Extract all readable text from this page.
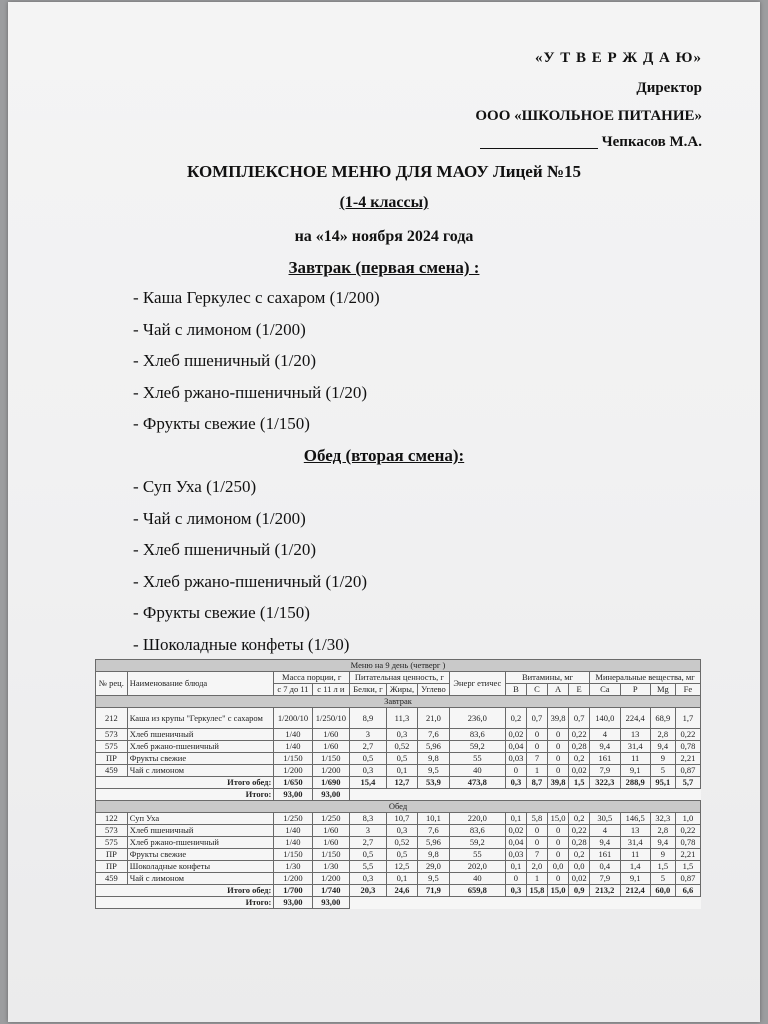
«У Т В Е Р Ж Д А Ю»
Директор
ООО «ШКОЛЬНОЕ ПИТАНИЕ»
Чепкасов М.А.
КОМПЛЕКСНОЕ МЕНЮ ДЛЯ МАОУ Лицей №15
(1-4 классы)
на «14» ноября 2024 года
Завтрак (первая смена) :
- Каша Геркулес с сахаром (1/200)
- Чай с лимоном (1/200)
- Хлеб пшеничный (1/20)
- Хлеб ржано-пшеничный (1/20)
- Фрукты свежие (1/150)
Обед (вторая смена):
- Суп Уха (1/250)
- Чай с лимоном (1/200)
- Хлеб пшеничный (1/20)
- Хлеб ржано-пшеничный (1/20)
- Фрукты свежие (1/150)
- Шоколадные конфеты (1/30)
Меню на 9 день (четверг )															
№ рец.	Наименование блюда	Масса порции, г		Питательная ценность, г			Энерг етичес	Витамины, мг				Минеральные вещества, мг			
		с 7 до 11	с 11 л и	Белки, г	Жиры,	Углево		B	C	A	E	Ca	P	Mg	Fe
Завтрак															
212	Каша из крупы "Геркулес" с сахаром	1/200/10	1/250/10	8,9	11,3	21,0	236,0	0,2	0,7	39,8	0,7	140,0	224,4	68,9	1,7
573	Хлеб пшеничный	1/40	1/60	3	0,3	7,6	83,6	0,02	0	0	0,22	4	13	2,8	0,22
575	Хлеб ржано-пшеничный	1/40	1/60	2,7	0,52	5,96	59,2	0,04	0	0	0,28	9,4	31,4	9,4	0,78
ПР	Фрукты свежие	1/150	1/150	0,5	0,5	9,8	55	0,03	7	0	0,2	161	11	9	2,21
459	Чай с лимоном	1/200	1/200	0,3	0,1	9,5	40	0	1	0	0,02	7,9	9,1	5	0,87
Итого обед:		1/650	1/690	15,4	12,7	53,9	473,8	0,3	8,7	39,8	1,5	322,3	288,9	95,1	5,7
Итого:		93,00	93,00												
Обед															
122	Суп Уха	1/250	1/250	8,3	10,7	10,1	220,0	0,1	5,8	15,0	0,2	30,5	146,5	32,3	1,0
573	Хлеб пшеничный	1/40	1/60	3	0,3	7,6	83,6	0,02	0	0	0,22	4	13	2,8	0,22
575	Хлеб ржано-пшеничный	1/40	1/60	2,7	0,52	5,96	59,2	0,04	0	0	0,28	9,4	31,4	9,4	0,78
ПР	Фрукты свежие	1/150	1/150	0,5	0,5	9,8	55	0,03	7	0	0,2	161	11	9	2,21
ПР	Шоколадные конфеты	1/30	1/30	5,5	12,5	29,0	202,0	0,1	2,0	0,0	0,0	0,4	1,4	1,5	1,5
459	Чай с лимоном	1/200	1/200	0,3	0,1	9,5	40	0	1	0	0,02	7,9	9,1	5	0,87
Итого обед:		1/700	1/740	20,3	24,6	71,9	659,8	0,3	15,8	15,0	0,9	213,2	212,4	60,0	6,6
Итого:		93,00	93,00												
